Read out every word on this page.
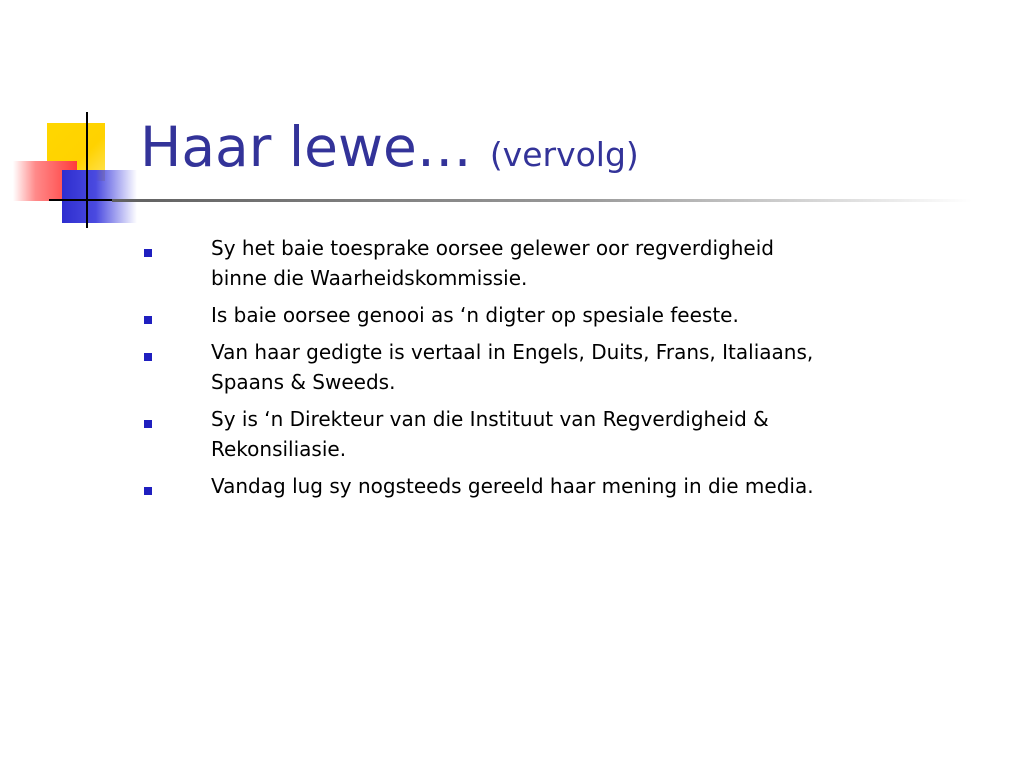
Haar lewe… (vervolg)
Sy het baie toesprake oorsee gelewer oor regverdigheid binne die Waarheidskommissie.
Is baie oorsee genooi as ‘n digter op spesiale feeste.
Van haar gedigte is vertaal in Engels, Duits, Frans, Italiaans, Spaans & Sweeds.
Sy is ‘n Direkteur van die Instituut van Regverdigheid & Rekonsiliasie.
Vandag lug sy nogsteeds gereeld haar mening in die media.
